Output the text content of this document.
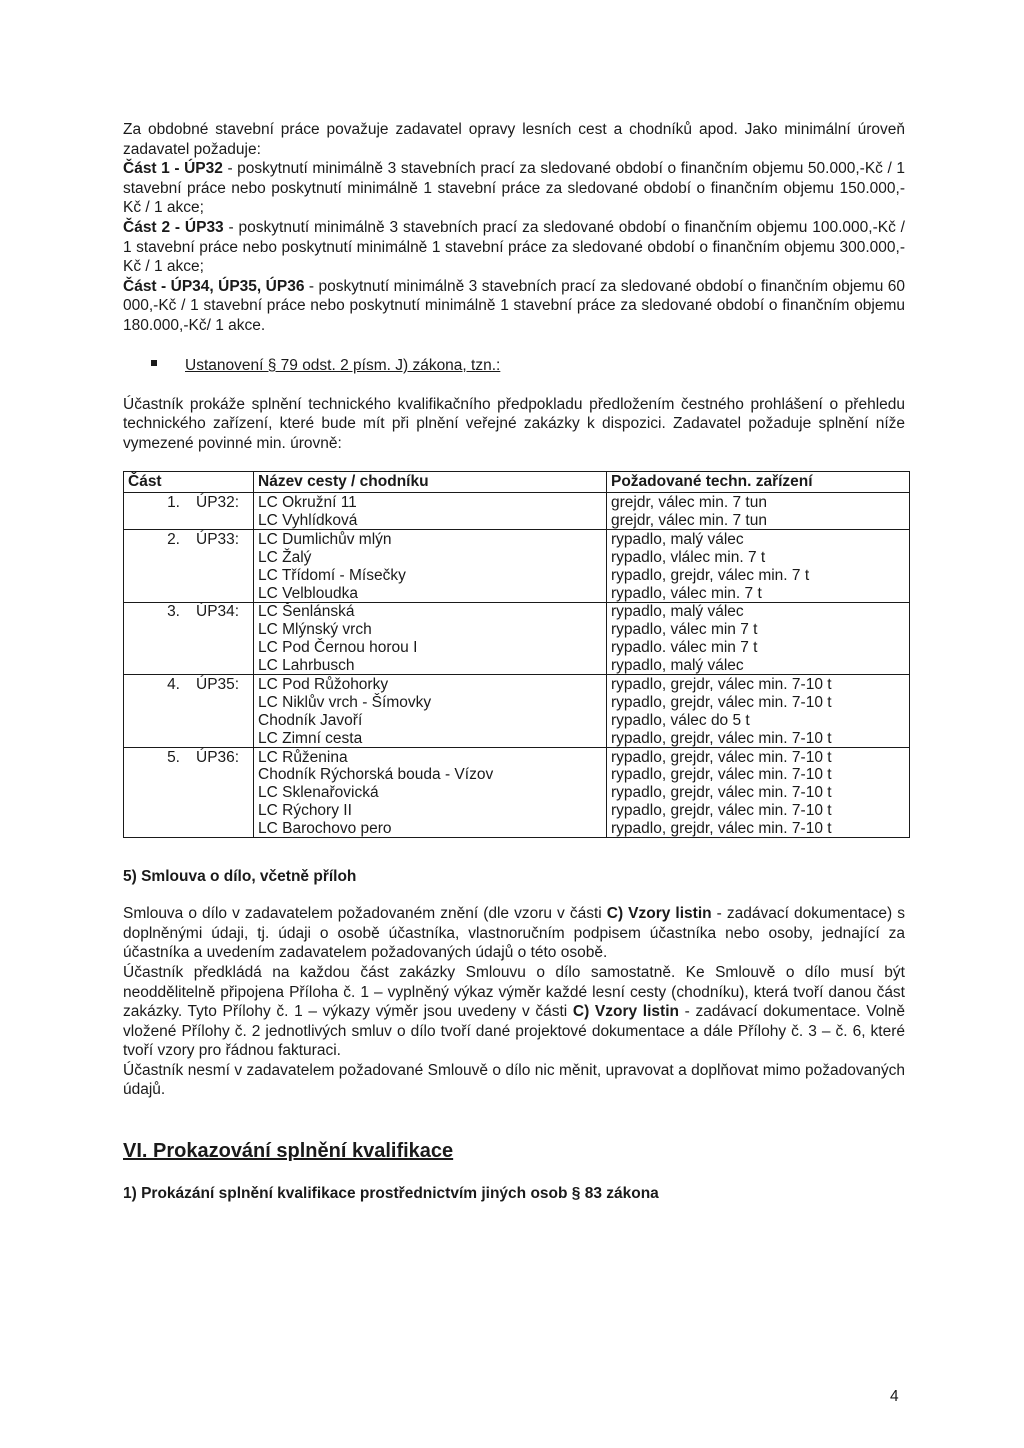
Za obdobné stavební práce považuje zadavatel opravy lesních cest a chodníků apod. Jako minimální úroveň zadavatel požaduje:
Část 1 - ÚP32 - poskytnutí minimálně 3 stavebních prací za sledované období o finančním objemu 50.000,-Kč / 1 stavební práce nebo poskytnutí minimálně 1 stavební práce za sledované období o finančním objemu 150.000,-Kč / 1 akce;
Část 2 - ÚP33 - poskytnutí minimálně 3 stavebních prací za sledované období o finančním objemu 100.000,-Kč / 1 stavební práce nebo poskytnutí minimálně 1 stavební práce za sledované období o finančním objemu 300.000,-Kč / 1 akce;
Část - ÚP34, ÚP35, ÚP36 - poskytnutí minimálně 3 stavebních prací za sledované období o finančním objemu 60 000,-Kč / 1 stavební práce nebo poskytnutí minimálně 1 stavební práce za sledované období o finančním objemu 180.000,-Kč/ 1 akce.

Ustanovení § 79 odst. 2 písm. J) zákona, tzn.:

Účastník prokáže splnění technického kvalifikačního předpokladu předložením čestného prohlášení o přehledu technického zařízení, které bude mít při plnění veřejné zakázky k dispozici. Zadavatel požaduje splnění níže vymezené povinné min. úrovně:

Část		Název cesty / chodníku	Požadované techn. zařízení
1.	ÚP32:	LC Okružní 11	grejdr, válec min. 7 tun
		LC Vyhlídková	grejdr, válec min. 7 tun
2.	ÚP33:	LC Dumlichův mlýn	rypadlo, malý válec
		LC Žalý	rypadlo, vlálec min. 7 t
		LC Třídomí - Mísečky	rypadlo, grejdr, válec min. 7 t
		LC Velbloudka	rypadlo, válec min. 7 t
3.	ÚP34:	LC Šenlánská	rypadlo, malý válec
		LC Mlýnský vrch	rypadlo, válec min 7 t
		LC Pod Černou horou I	rypadlo. válec min 7 t
		LC Lahrbusch	rypadlo, malý válec
4.	ÚP35:	LC Pod Růžohorky	rypadlo, grejdr, válec min. 7-10 t
		LC Niklův vrch - Šímovky	rypadlo, grejdr, válec min. 7-10 t
		Chodník Javoří	rypadlo, válec do 5 t
		LC Zimní cesta	rypadlo, grejdr, válec min. 7-10 t
5.	ÚP36:	LC Růženina	rypadlo, grejdr, válec min. 7-10 t
		Chodník Rýchorská bouda - Vízov	rypadlo, grejdr, válec min. 7-10 t
		LC Sklenařovická	rypadlo, grejdr, válec min. 7-10 t
		LC Rýchory II	rypadlo, grejdr, válec min. 7-10 t
		LC Barochovo pero	rypadlo, grejdr, válec min. 7-10 t
5) Smlouva o dílo, včetně příloh

Smlouva o dílo v zadavatelem požadovaném znění (dle vzoru v části C) Vzory listin - zadávací dokumentace) s doplněnými údaji, tj. údaji o osobě účastníka, vlastnoručním podpisem účastníka nebo osoby, jednající za účastníka a uvedením zadavatelem požadovaných údajů o této osobě.
Účastník předkládá na každou část zakázky Smlouvu o dílo samostatně. Ke Smlouvě o dílo musí být neoddělitelně připojena Příloha č. 1 – vyplněný výkaz výměr každé lesní cesty (chodníku), která tvoří danou část zakázky. Tyto Přílohy č. 1 – výkazy výměr jsou uvedeny v části C) Vzory listin - zadávací dokumentace. Volně vložené Přílohy č. 2 jednotlivých smluv o dílo tvoří dané projektové dokumentace a dále Přílohy č. 3 – č. 6, které tvoří vzory pro řádnou fakturaci.
Účastník nesmí v zadavatelem požadované Smlouvě o dílo nic měnit, upravovat a doplňovat mimo požadovaných údajů.

VI. Prokazování splnění kvalifikace
1) Prokázání splnění kvalifikace prostřednictvím jiných osob § 83 zákona
4
